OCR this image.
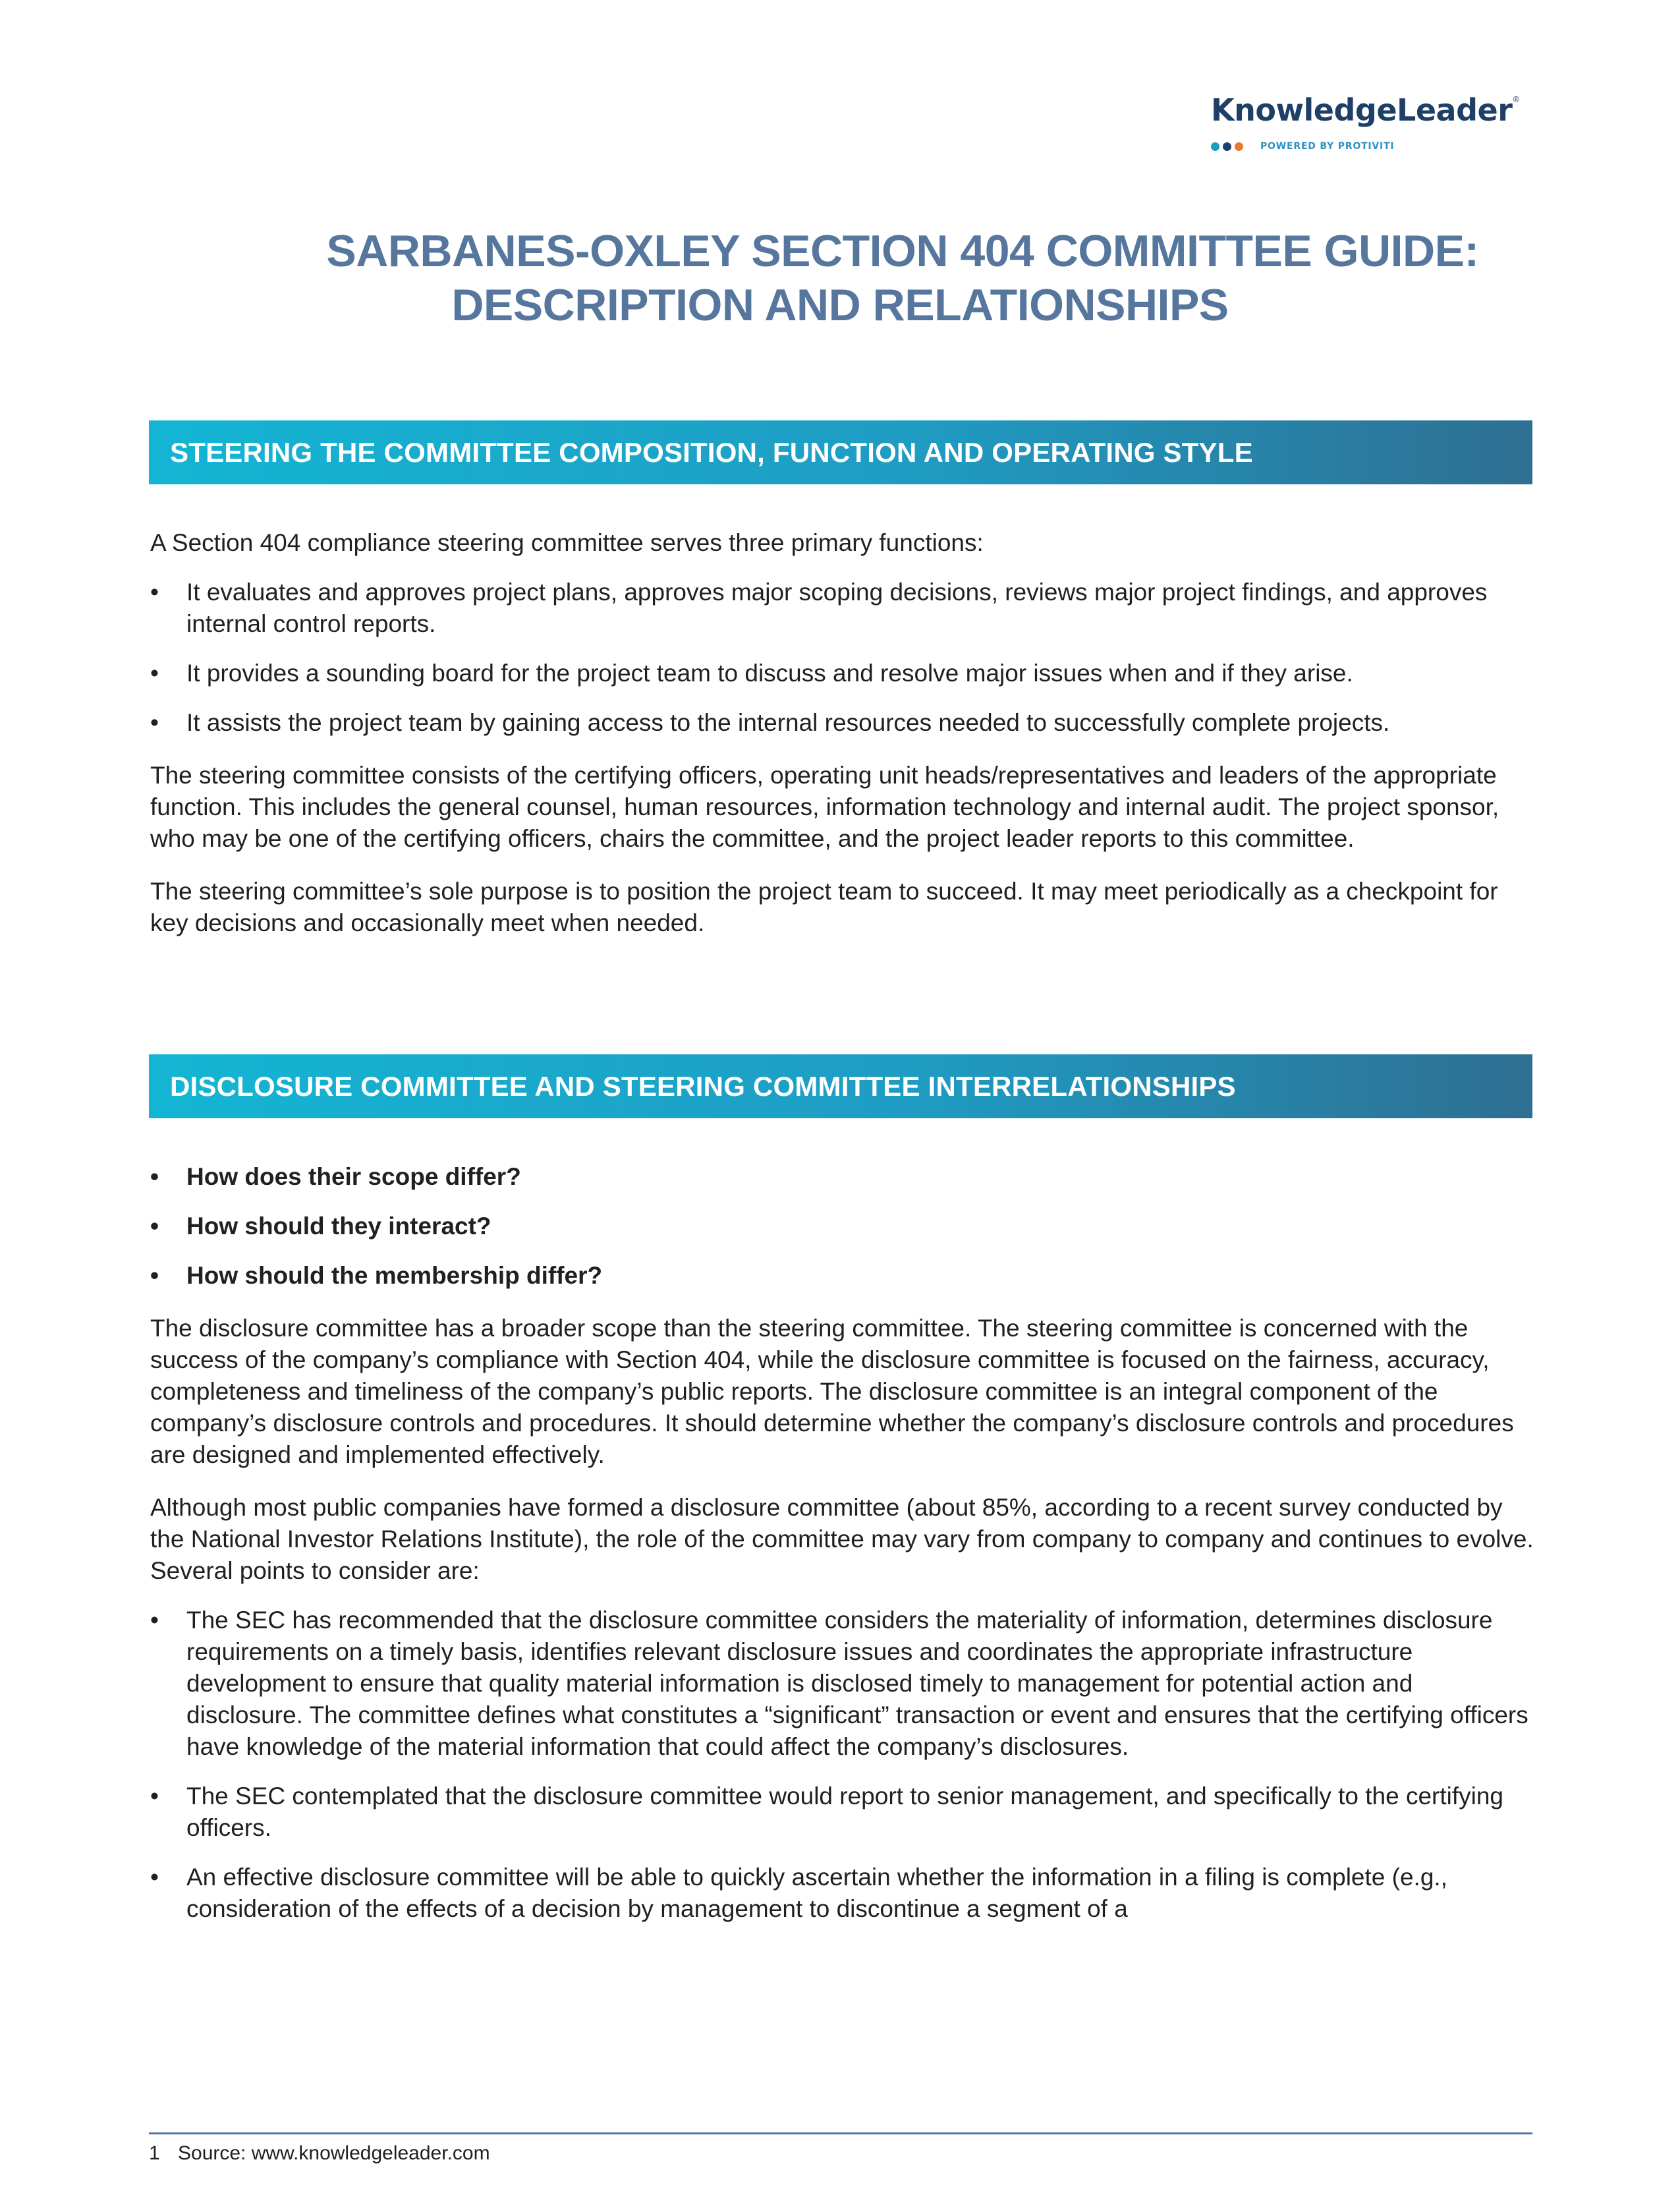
KnowledgeLeader®
POWERED BY PROTIVITI
SARBANES-OXLEY SECTION 404 COMMITTEE GUIDE:
DESCRIPTION AND RELATIONSHIPS
STEERING THE COMMITTEE COMPOSITION, FUNCTION AND OPERATING STYLE

A Section 404 compliance steering committee serves three primary functions:

• It evaluates and approves project plans, approves major scoping decisions, reviews major project findings, and approves internal control reports.

• It provides a sounding board for the project team to discuss and resolve major issues when and if they arise.

• It assists the project team by gaining access to the internal resources needed to successfully complete projects.

The steering committee consists of the certifying officers, operating unit heads/representatives and leaders of the appropriate function. This includes the general counsel, human resources, information technology and internal audit. The project sponsor, who may be one of the certifying officers, chairs the committee, and the project leader reports to this committee.

The steering committee’s sole purpose is to position the project team to succeed. It may meet periodically as a checkpoint for key decisions and occasionally meet when needed.

DISCLOSURE COMMITTEE AND STEERING COMMITTEE INTERRELATIONSHIPS

• How does their scope differ?

• How should they interact?

• How should the membership differ?

The disclosure committee has a broader scope than the steering committee. The steering committee is concerned with the success of the company’s compliance with Section 404, while the disclosure committee is focused on the fairness, accuracy, completeness and timeliness of the company’s public reports. The disclosure committee is an integral component of the company’s disclosure controls and procedures. It should determine whether the company’s disclosure controls and procedures are designed and implemented effectively.

Although most public companies have formed a disclosure committee (about 85%, according to a recent survey conducted by the National Investor Relations Institute), the role of the committee may vary from company to company and continues to evolve. Several points to consider are:

• The SEC has recommended that the disclosure committee considers the materiality of information, determines disclosure requirements on a timely basis, identifies relevant disclosure issues and coordinates the appropriate infrastructure development to ensure that quality material information is disclosed timely to management for potential action and disclosure. The committee defines what constitutes a “significant” transaction or event and ensures that the certifying officers have knowledge of the material information that could affect the company’s disclosures.

• The SEC contemplated that the disclosure committee would report to senior management, and specifically to the certifying officers.

• An effective disclosure committee will be able to quickly ascertain whether the information in a filing is complete (e.g., consideration of the effects of a decision by management to discontinue a segment of a

1 Source: www.knowledgeleader.com
